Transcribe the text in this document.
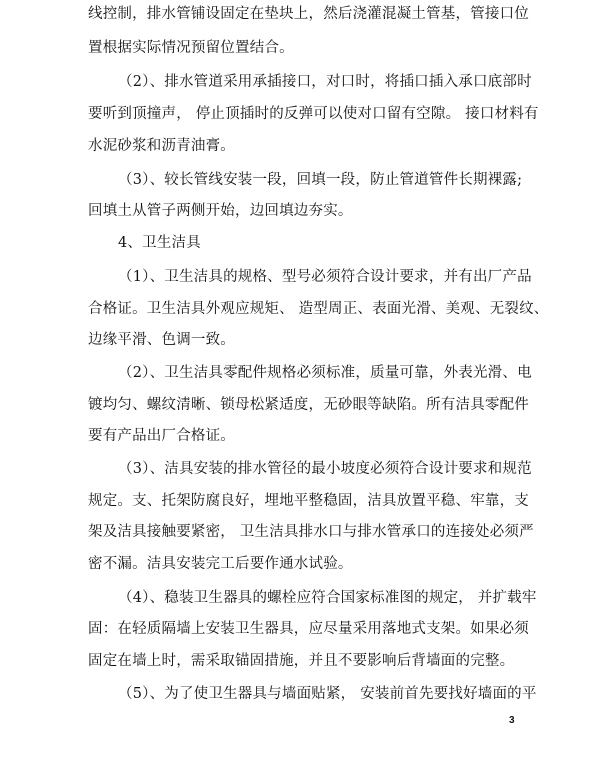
线控制，排水管铺设固定在垫块上，然后浇灌混凝土管基，管接口位
置根据实际情况预留位置结合。
（2）、排水管道采用承插接口，对口时，将插口插入承口底部时
要听到顶撞声， 停止顶插时的反弹可以使对口留有空隙。 接口材料有
水泥砂浆和沥青油膏。
（3）、较长管线安装一段，回填一段，防止管道管件长期裸露;
回填土从管子两侧开始，边回填边夯实。
4、卫生洁具
（1）、卫生洁具的规格、型号必须符合设计要求，并有出厂产品
合格证。卫生洁具外观应规矩、 造型周正、表面光滑、美观、无裂纹、
边缘平滑、色调一致。
（2）、卫生洁具零配件规格必须标准，质量可靠，外表光滑、电
镀均匀、螺纹清晰、锁母松紧适度，无砂眼等缺陷。所有洁具零配件
要有产品出厂合格证。
（3）、洁具安装的排水管径的最小坡度必须符合设计要求和规范
规定。支、托架防腐良好，埋地平整稳固，洁具放置平稳、牢靠，支
架及洁具接触要紧密， 卫生洁具排水口与排水管承口的连接处必须严
密不漏。洁具安装完工后要作通水试验。
（4）、稳装卫生器具的螺栓应符合国家标准图的规定， 并扩载牢
固：在轻质隔墙上安装卫生器具，应尽量采用落地式支架。如果必须
固定在墙上时，需采取锚固措施，并且不要影响后背墙面的完整。
（5）、为了使卫生器具与墙面贴紧， 安装前首先要找好墙面的平
3
